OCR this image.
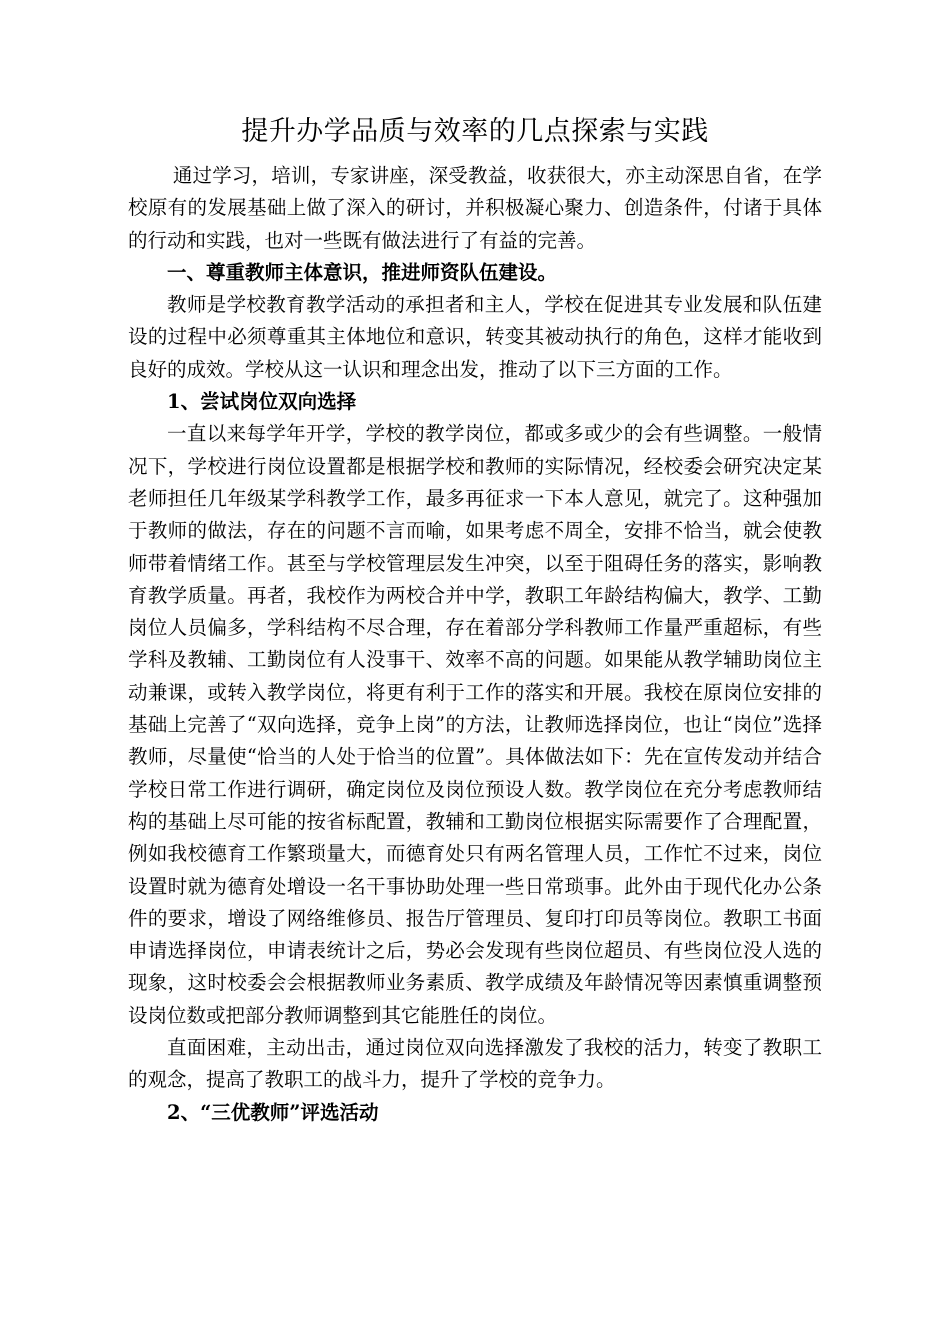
提升办学品质与效率的几点探索与实践

通过学习，培训，专家讲座，深受教益，收获很大，亦主动深思自省，在学校原有的发展基础上做了深入的研讨，并积极凝心聚力、创造条件，付诸于具体的行动和实践，也对一些既有做法进行了有益的完善。

一、尊重教师主体意识，推进师资队伍建设。

教师是学校教育教学活动的承担者和主人，学校在促进其专业发展和队伍建设的过程中必须尊重其主体地位和意识，转变其被动执行的角色，这样才能收到良好的成效。学校从这一认识和理念出发，推动了以下三方面的工作。

1、尝试岗位双向选择

一直以来每学年开学，学校的教学岗位，都或多或少的会有些调整。一般情况下，学校进行岗位设置都是根据学校和教师的实际情况，经校委会研究决定某老师担任几年级某学科教学工作，最多再征求一下本人意见，就完了。这种强加于教师的做法，存在的问题不言而喻，如果考虑不周全，安排不恰当，就会使教师带着情绪工作。甚至与学校管理层发生冲突，以至于阻碍任务的落实，影响教育教学质量。再者，我校作为两校合并中学，教职工年龄结构偏大，教学、工勤岗位人员偏多，学科结构不尽合理，存在着部分学科教师工作量严重超标，有些学科及教辅、工勤岗位有人没事干、效率不高的问题。如果能从教学辅助岗位主动兼课，或转入教学岗位，将更有利于工作的落实和开展。我校在原岗位安排的基础上完善了“双向选择，竞争上岗”的方法，让教师选择岗位，也让“岗位”选择教师，尽量使“恰当的人处于恰当的位置”。具体做法如下：先在宣传发动并结合学校日常工作进行调研，确定岗位及岗位预设人数。教学岗位在充分考虑教师结构的基础上尽可能的按省标配置，教辅和工勤岗位根据实际需要作了合理配置，例如我校德育工作繁琐量大，而德育处只有两名管理人员，工作忙不过来，岗位设置时就为德育处增设一名干事协助处理一些日常琐事。此外由于现代化办公条件的要求，增设了网络维修员、报告厅管理员、复印打印员等岗位。教职工书面申请选择岗位，申请表统计之后，势必会发现有些岗位超员、有些岗位没人选的现象，这时校委会会根据教师业务素质、教学成绩及年龄情况等因素慎重调整预设岗位数或把部分教师调整到其它能胜任的岗位。

直面困难，主动出击，通过岗位双向选择激发了我校的活力，转变了教职工的观念，提高了教职工的战斗力，提升了学校的竞争力。

2、“三优教师”评选活动
